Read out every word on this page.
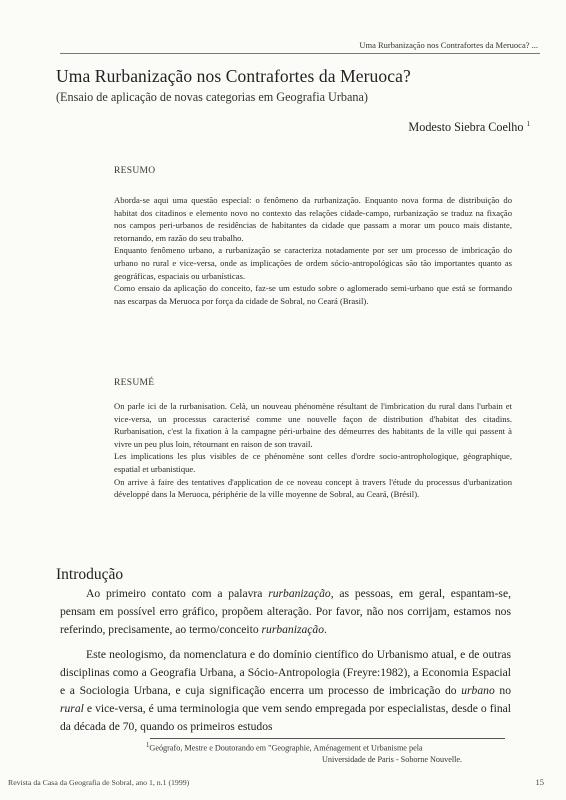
Uma Rurbanização nos Contrafortes da Meruoca? ...
Uma Rurbanização nos Contrafortes da Meruoca?
(Ensaio de aplicação de novas categorias em Geografia Urbana)
Modesto Siebra Coelho $^1$
RESUMO

Aborda-se aqui uma questão especial: o fenômeno da rurbanização. Enquanto nova forma de distribuição do habitat dos citadinos e elemento novo no contexto das relações cidade-campo, rurbanização se traduz na fixação nos campos peri-urbanos de residências de habitantes da cidade que passam a morar um pouco mais distante, retornando, em razão do seu trabalho.

Enquanto fenômeno urbano, a rurbanização se caracteriza notadamente por ser um processo de imbricação do urbano no rural e vice-versa, onde as implicações de ordem sócio-antropológicas são tão importantes quanto as geográficas, espaciais ou urbanísticas.

Como ensaio da aplicação do conceito, faz-se um estudo sobre o aglomerado semi-urbano que está se formando nas escarpas da Meruoca por força da cidade de Sobral, no Ceará (Brasil).

RESUMÉ

On parle ici de la rurbanisation. Celà, un nouveau phénomène résultant de l'imbrication du rural dans l'urbain et vice-versa, un processus caracterisé comme une nouvelle façon de distribution d'habitat des citadins. Rurbanisation, c'est la fixation à la campagne péri-urbaine des démeurres des habitants de la ville qui passent à vivre un peu plus loin, rétournant en raison de son travail.

Les implications les plus visibles de ce phénomène sont celles d'ordre socio-antrophologique, géographique, espatial et urbanistique.

On arrive à faire des tentatives d'application de ce noveau concept à travers l'étude du processus d'urbanization développé dans la Meruoca, périphérie de la ville moyenne de Sobral, au Ceará, (Brésil).

Introdução

Ao primeiro contato com a palavra rurbanização, as pessoas, em geral, espantam-se, pensam em possível erro gráfico, propõem alteração. Por favor, não nos corrijam, estamos nos referindo, precisamente, ao termo/conceito rurbanização.

Este neologismo, da nomenclatura e do domínio científico do Urbanismo atual, e de outras disciplinas como a Geografia Urbana, a Sócio-Antropologia (Freyre:1982), a Economia Espacial e a Sociologia Urbana, e cuja significação encerra um processo de imbricação do urbano no rural e vice-versa, é uma terminologia que vem sendo empregada por especialistas, desde o final da década de 70, quando os primeiros estudos

$^1$Geógrafo, Mestre e Doutorando em "Geographie, Aménagement et Urbanisme pela
Universidade de Paris - Soborne Nouvelle.
Revista da Casa da Geografia de Sobral, ano 1, n.1 (1999)	15
